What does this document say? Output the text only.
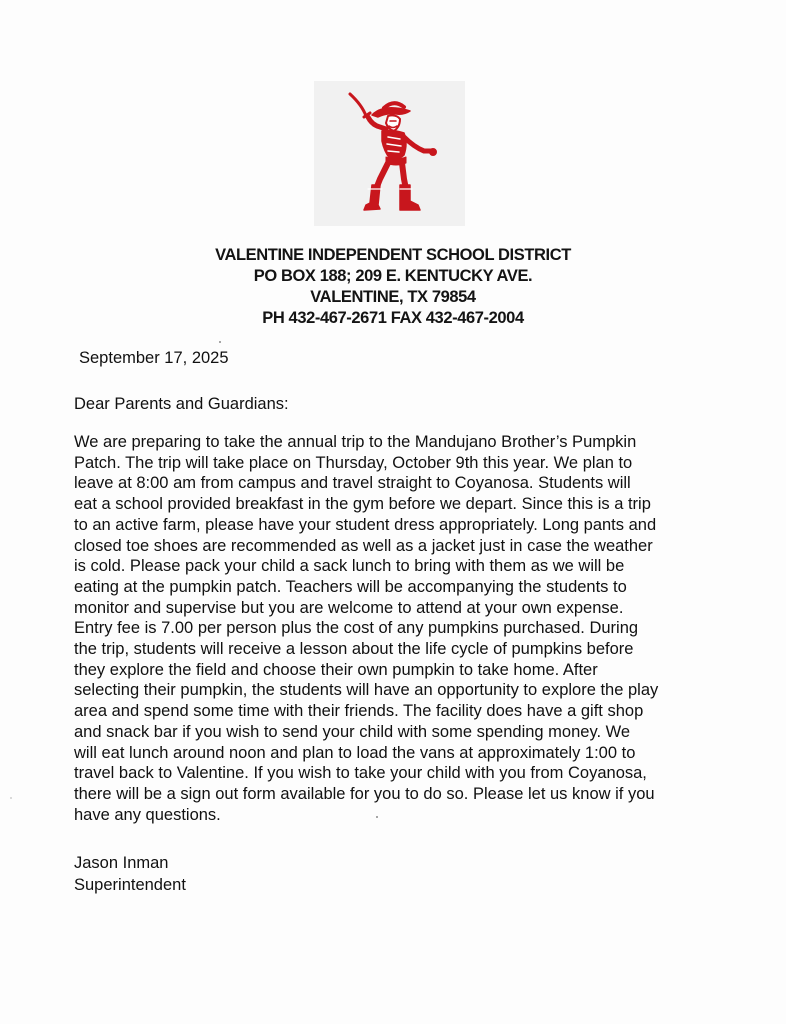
VALENTINE INDEPENDENT SCHOOL DISTRICT
PO BOX 188; 209 E. KENTUCKY AVE.
VALENTINE, TX 79854
PH 432-467-2671 FAX 432-467-2004
September 17, 2025
Dear Parents and Guardians:
We are preparing to take the annual trip to the Mandujano Brother’s Pumpkin
Patch. The trip will take place on Thursday, October 9th this year. We plan to
leave at 8:00 am from campus and travel straight to Coyanosa. Students will
eat a school provided breakfast in the gym before we depart. Since this is a trip
to an active farm, please have your student dress appropriately. Long pants and
closed toe shoes are recommended as well as a jacket just in case the weather
is cold. Please pack your child a sack lunch to bring with them as we will be
eating at the pumpkin patch. Teachers will be accompanying the students to
monitor and supervise but you are welcome to attend at your own expense.
Entry fee is 7.00 per person plus the cost of any pumpkins purchased. During
the trip, students will receive a lesson about the life cycle of pumpkins before
they explore the field and choose their own pumpkin to take home. After
selecting their pumpkin, the students will have an opportunity to explore the play
area and spend some time with their friends. The facility does have a gift shop
and snack bar if you wish to send your child with some spending money. We
will eat lunch around noon and plan to load the vans at approximately 1:00 to
travel back to Valentine. If you wish to take your child with you from Coyanosa,
there will be a sign out form available for you to do so. Please let us know if you
have any questions.
Jason Inman
Superintendent
